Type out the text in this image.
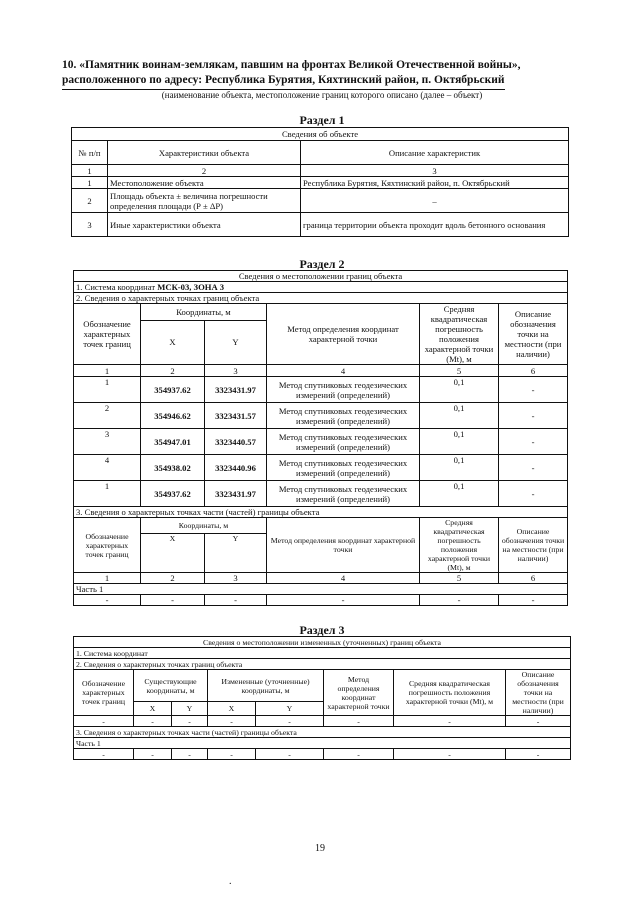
10. «Памятник воинам-землякам, павшим на фронтах Великой Отечественной войны»,
расположенного по адресу: Республика Бурятия, Кяхтинский район, п. Октябрьский
(наименование объекта, местоположение границ которого описано (далее – объект)
Раздел 1
Сведения об объекте		
№ п/п	Характеристики объекта	Описание характеристик
1	2	3
1	Местоположение объекта	Республика Бурятия, Кяхтинский район, п. Октябрьский
2	Площадь объекта ± величина погрешности определения площади (Р ± ΔР)	–
3	Иные характеристики объекта	граница территории объекта проходит вдоль бетонного основания
Раздел 2
Сведения о местоположении границ объекта					
1. Система координат МСК-03, ЗОНА 3					
2. Сведения о характерных точках границ объекта					
Обозначение характерных точек границ	Координаты, м		Метод определения координат характерной точки	Средняя квадратическая погрешность положения характерной точки (Mt), м	Описание обозначения точки на местности (при наличии)
	X	Y			
1	2	3	4	5	6
1	354937.62	3323431.97	Метод спутниковых геодезических измерений (определений)	0,1	-
2	354946.62	3323431.57	Метод спутниковых геодезических измерений (определений)	0,1	-
3	354947.01	3323440.57	Метод спутниковых геодезических измерений (определений)	0,1	-
4	354938.02	3323440.96	Метод спутниковых геодезических измерений (определений)	0,1	-
1	354937.62	3323431.97	Метод спутниковых геодезических измерений (определений)	0,1	-
3. Сведения о характерных точках части (частей) границы объекта					
Обозначение характерных точек границ	Координаты, м		Метод определения координат характерной точки	Средняя квадратическая погрешность положения характерной точки (Mt), м	Описание обозначения точки на местности (при наличии)
	X	Y			
1	2	3	4	5	6
Часть 1					
-	-	-	-	-	-
Раздел 3
Сведения о местоположении измененных (уточненных) границ объекта							
1. Система координат							
2. Сведения о характерных точках границ объекта							
Обозначение характерных точек границ	Существующие координаты, м		Измененные (уточненные) координаты, м		Метод определения координат характерной точки	Средняя квадратическая погрешность положения характерной точки (Mt), м	Описание обозначения точки на местности (при наличии)
	X	Y	X	Y			
-	-	-	-	-	-	-	-
3. Сведения о характерных точках части (частей) границы объекта							
Часть 1							
-	-	-	-	-	-	-	-
19
.
